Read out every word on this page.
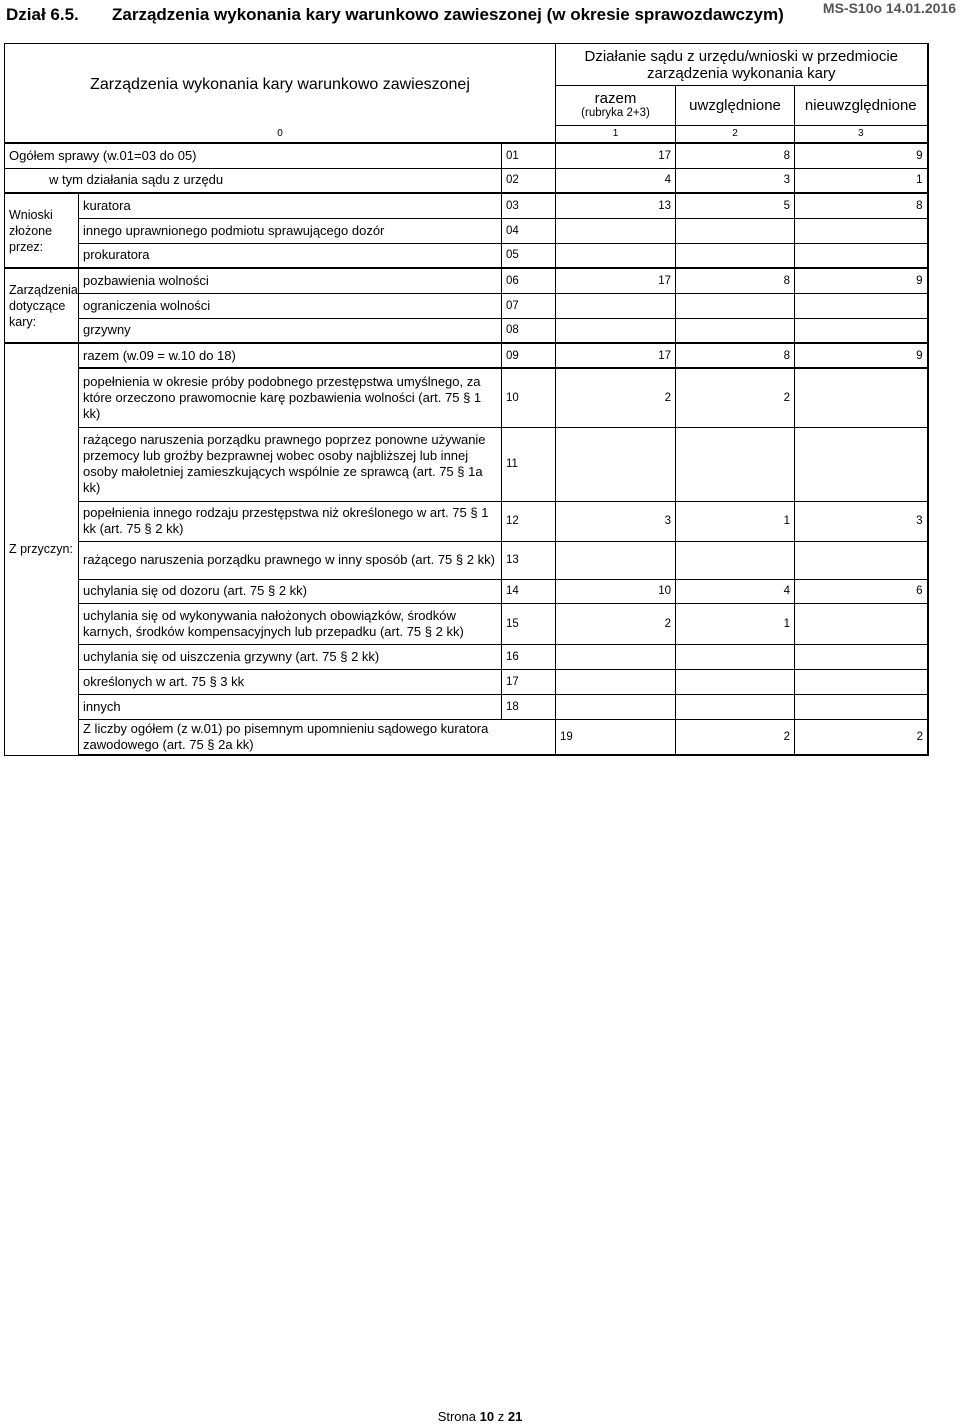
Dział 6.5. Zarządzenia wykonania kary warunkowo zawieszonej (w okresie sprawozdawczym)	MS-S10o 14.01.2016
Zarządzenia wykonania kary warunkowo zawieszonej			Działanie sądu z urzędu/wnioski w przedmiocie zarządzenia wykonania kary			

			razem
(rubryka 2+3)	uwzględnione	nieuwzględnione	
0			1	2	3	
Ogółem sprawy (w.01=03 do 05)		01	17	8	9	
w tym działania sądu z urzędu		02	4	3	1	
Wnioski złożone przez:	kuratora	03	13	5	8	
	innego uprawnionego podmiotu sprawującego dozór	04				
	prokuratora	05				
Zarządzenia dotyczące kary:	pozbawienia wolności	06	17	8	9	
	ograniczenia wolności	07				
	grzywny	08				
Z przyczyn:	razem (w.09 = w.10 do 18)	09	17	8	9	
	popełnienia w okresie próby podobnego przestępstwa umyślnego, za które orzeczono prawomocnie karę pozbawienia wolności (art. 75 § 1 kk)	10	2	2		
	rażącego naruszenia porządku prawnego poprzez ponowne używanie przemocy lub groźby bezprawnej wobec osoby najbliższej lub innej osoby małoletniej zamieszkujących wspólnie ze sprawcą (art. 75 § 1a kk)	11				
	popełnienia innego rodzaju przestępstwa niż określonego w art. 75 § 1 kk (art. 75 § 2 kk)	12	3	1	3	
	rażącego naruszenia porządku prawnego w inny sposób (art. 75 § 2 kk)	13				
	uchylania się od dozoru (art. 75 § 2 kk)	14	10	4	6	
	uchylania się od wykonywania nałożonych obowiązków, środków karnych, środków kompensacyjnych lub przepadku (art. 75 § 2 kk)	15	2	1		
	uchylania się od uiszczenia grzywny (art. 75 § 2 kk)	16				
	określonych w art. 75 § 3 kk	17				
	innych	18				
	Z liczby ogółem (z w.01) po pisemnym upomnieniu sądowego kuratora zawodowego (art. 75 § 2a kk)		19	2	2	
Strona 10 z 21
